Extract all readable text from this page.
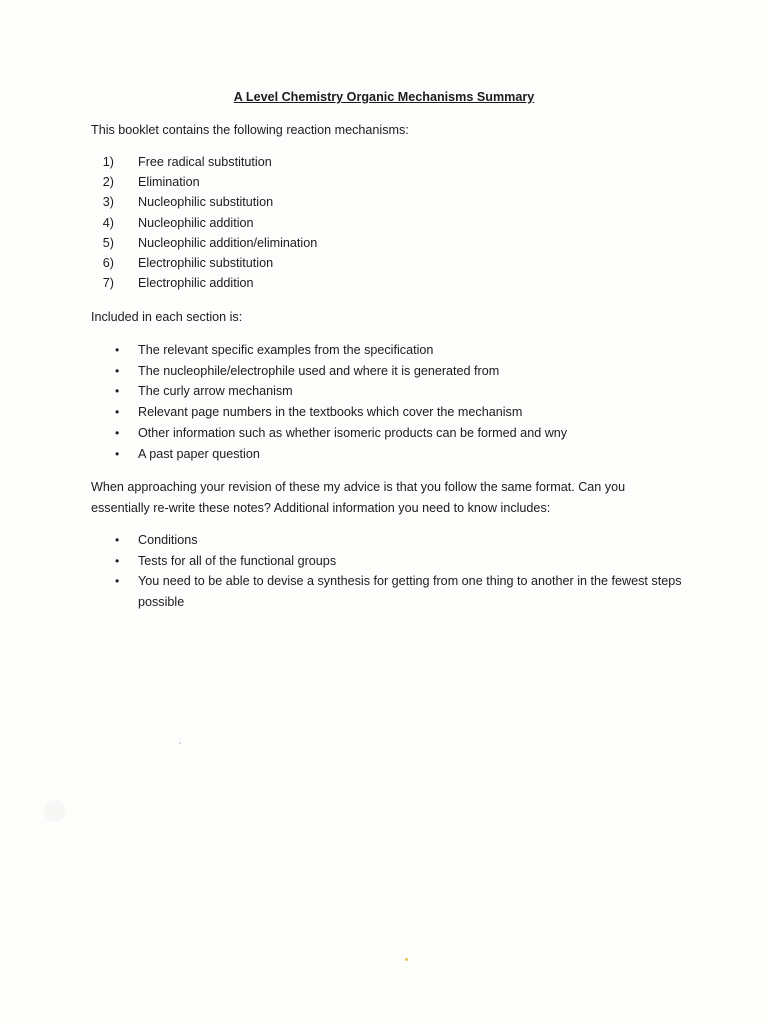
A Level Chemistry Organic Mechanisms Summary

This booklet contains the following reaction mechanisms:

1) Free radical substitution
2) Elimination
3) Nucleophilic substitution
4) Nucleophilic addition
5) Nucleophilic addition/elimination
6) Electrophilic substitution
7) Electrophilic addition

Included in each section is:

• The relevant specific examples from the specification
• The nucleophile/electrophile used and where it is generated from
• The curly arrow mechanism
• Relevant page numbers in the textbooks which cover the mechanism
• Other information such as whether isomeric products can be formed and wny
• A past paper question

When approaching your revision of these my advice is that you follow the same format. Can you essentially re-write these notes? Additional information you need to know includes:

• Conditions
• Tests for all of the functional groups
• You need to be able to devise a synthesis for getting from one thing to another in the fewest steps possible
